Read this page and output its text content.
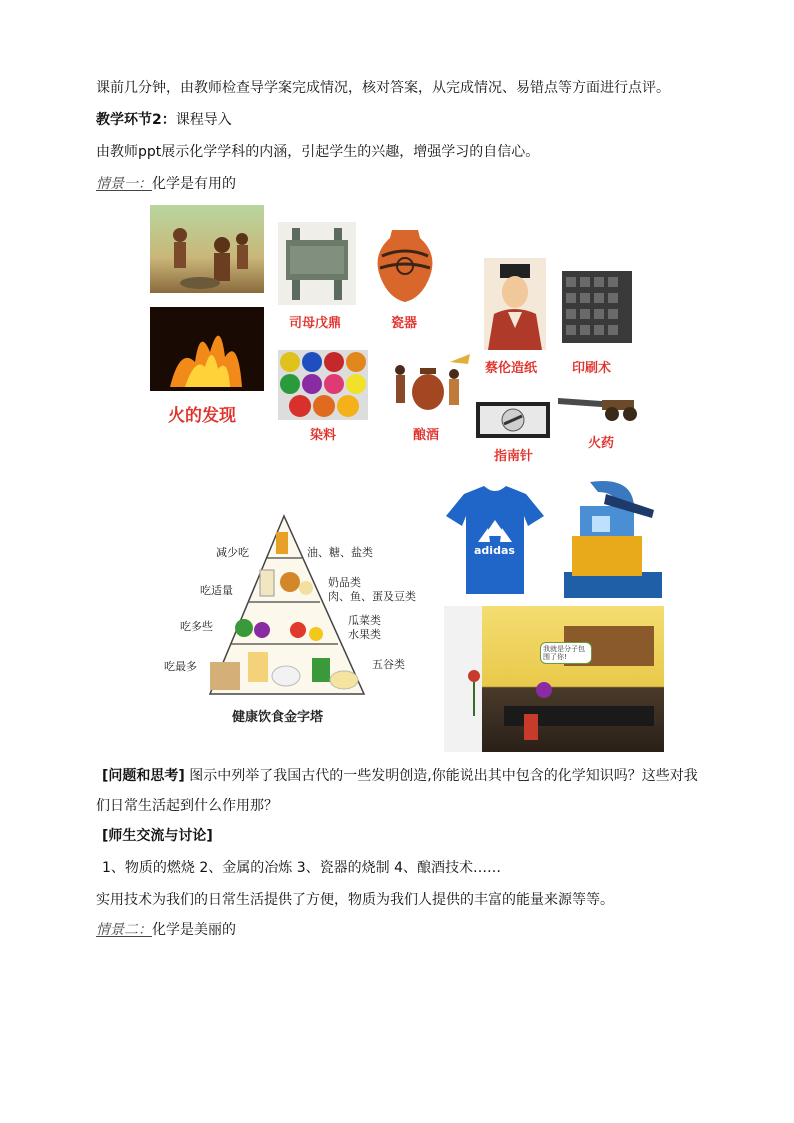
课前几分钟，由教师检查导学案完成情况，核对答案，从完成情况、易错点等方面进行点评。
教学环节2：课程导入
由教师ppt展示化学学科的内涵，引起学生的兴趣，增强学习的自信心。
情景一：化学是有用的
火的发现
司母戊鼎	瓷器
染料	酿酒
蔡伦造纸	印刷术
指南针
火药
adidas
我就是分子包围了你!
减少吃
吃适量
吃多些
吃最多
油、糖、盐类
奶品类
肉、鱼、蛋及豆类
瓜菜类
水果类
五谷类
健康饮食金字塔
[问题和思考] 图示中列举了我国古代的一些发明创造,你能说出其中包含的化学知识吗？这些对我
们日常生活起到什么作用那？
[师生交流与讨论]
1、物质的燃烧 2、金属的冶炼 3、瓷器的烧制 4、酿酒技术……
实用技术为我们的日常生活提供了方便，物质为我们人提供的丰富的能量来源等等。
情景二：化学是美丽的
